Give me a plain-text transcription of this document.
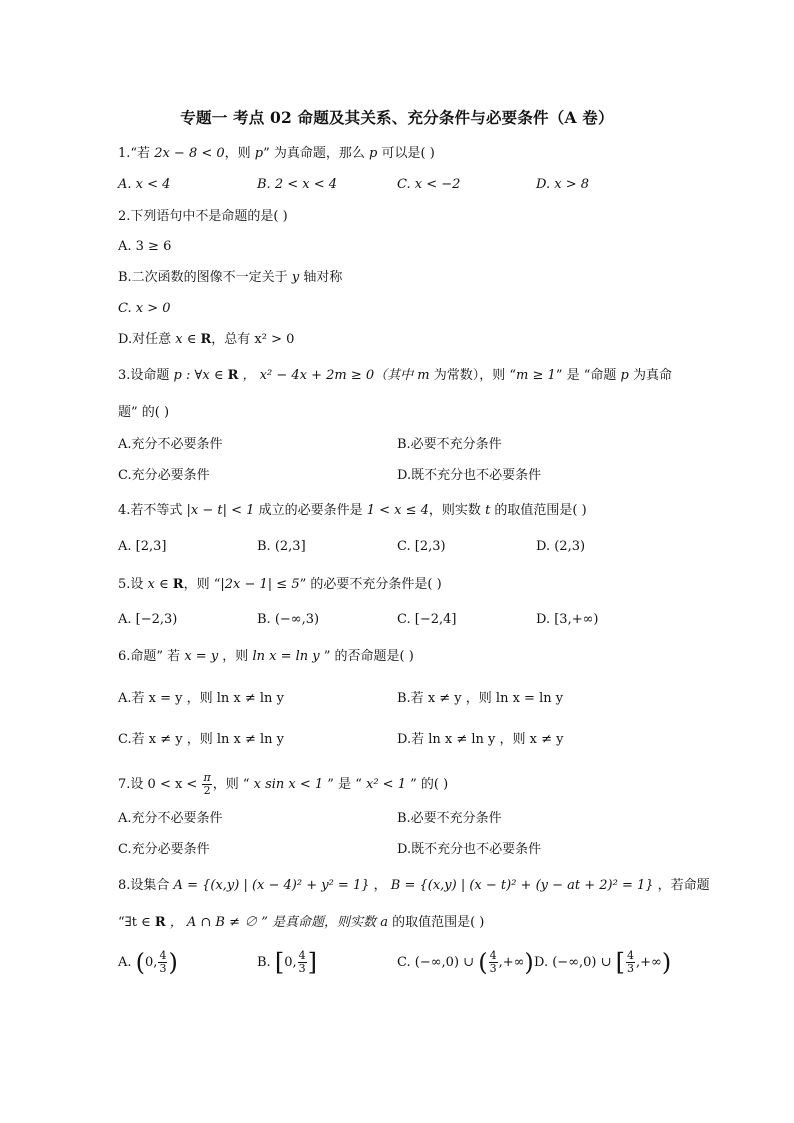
专题一 考点 02 命题及其关系、充分条件与必要条件（A 卷）
1.“若 2x − 8 < 0，则 p” 为真命题，那么 p 可以是( )
A. x < 4	B. 2 < x < 4	C. x < −2	D. x > 8
2.下列语句中不是命题的是( )
A. 3 ≥ 6
B.二次函数的图像不一定关于 y 轴对称
C. x > 0
D.对任意 x ∈ R，总有 x² > 0
3.设命题 p : ∀x ∈ R ， x² − 4x + 2m ≥ 0（其中 m 为常数），则 “m ≥ 1” 是 “命题 p 为真命
题” 的( )
A.充分不必要条件	B.必要不充分条件
C.充分必要条件	D.既不充分也不必要条件
4.若不等式 |x − t| < 1 成立的必要条件是 1 < x ≤ 4，则实数 t 的取值范围是( )
A. [2,3]	B. (2,3]	C. [2,3)	D. (2,3)
5.设 x ∈ R，则 “|2x − 1| ≤ 5” 的必要不充分条件是( )
A. [−2,3)	B. (−∞,3)	C. [−2,4]	D. [3,+∞)
6.命题” 若 x = y ，则 ln x = ln y ” 的否命题是( )
A.若 x = y ，则 ln x ≠ ln y	B.若 x ≠ y ，则 ln x = ln y
C.若 x ≠ y ，则 ln x ≠ ln y	D.若 ln x ≠ ln y ，则 x ≠ y
7.设 $0 < x < \frac{\pi}{2}$ ，则 “ x sin x < 1 ” 是 “ x² < 1 ” 的( )
A.充分不必要条件	B.必要不充分条件
C.充分必要条件	D.既不充分也不必要条件
8.设集合 A = {(x,y) | (x − 4)² + y² = 1} ， B = {(x,y) | (x − t)² + (y − at + 2)² = 1} ，若命题
“∃t ∈ R ， A ∩ B ≠ ∅ ” 是真命题，则实数 a 的取值范围是( )
A. (0, $\frac{4}{3}$ )	B. [0, $\frac{4}{3}$ ]	C. (−∞,0) ∪ ( $\frac{4}{3}$ ,+∞) D. (−∞,0) ∪ [ $\frac{4}{3}$ ,+∞)
